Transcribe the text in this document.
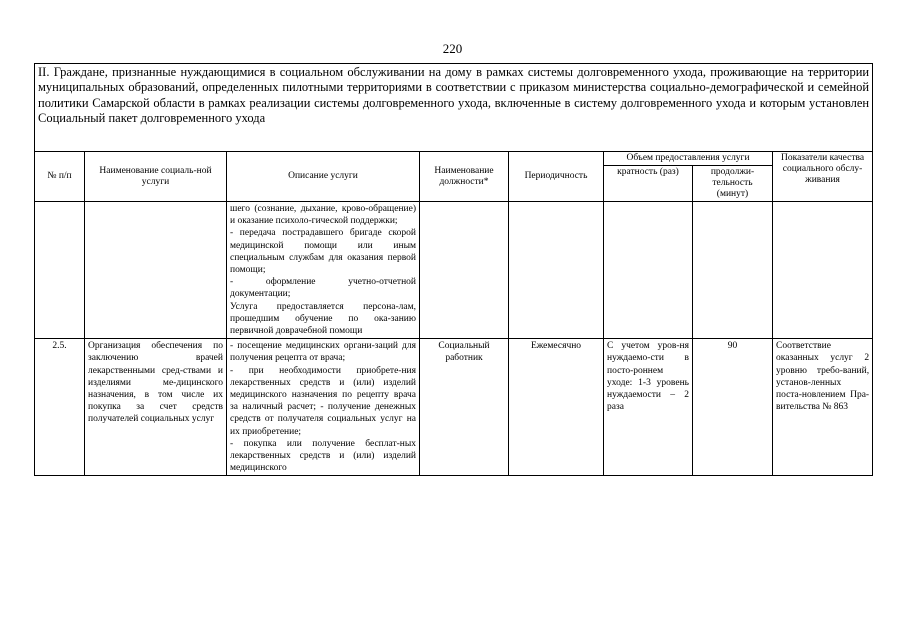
220
II. Граждане, признанные нуждающимися в социальном обслуживании на дому в рамках системы долговременного ухода, проживающие на территории муниципальных образований, определенных пилотными территориями в соответствии с приказом министерства социально-демографической и семейной политики Самарской области в рамках реализации системы долговременного ухода, включенные в систему долговременного ухода и которым установлен Социальный пакет долговременного ухода							
№ п/п	Наименование социаль-ной услуги	Описание услуги	Наименование должности*	Периодичность	Объем предоставления услуги		Показатели качества социального обслу-живания
					кратность (раз)	продолжи-тельность (минут)	

		шего (сознание, дыхание, крово-обращение) и оказание психоло-гической поддержки;
- передача пострадавшего бригаде скорой медицинской помощи или иным специальным службам для оказания первой помощи;
- оформление учетно-отчетной документации;
Услуга предоставляется персона-лам, прошедшим обучение по ока-занию первичной доврачебной помощи					

2.5.	Организация обеспечения по заключению врачей лекарственными сред-ствами и изделиями ме-дицинского назначения, в том числе их покупка за счет средств получателей социальных услуг	- посещение медицинских органи-заций для получения рецепта от врача;
- при необходимости приобрете-ния лекарственных средств и (или) изделий медицинского назначения по рецепту врача за наличный расчет; - получение денежных средств от получателя социальных услуг на их приобретение;
- покупка или получение бесплат-ных лекарственных средств и (или) изделий медицинского	Социальный работник	Ежемесячно	С учетом уров-ня нуждаемо-сти в посто-роннем уходе: 1-3 уровень нуждаемости – 2 раза	90	Соответствие оказанных услуг 2 уровню требо-ваний, установ-ленных поста-новлением Пра-вительства № 863
